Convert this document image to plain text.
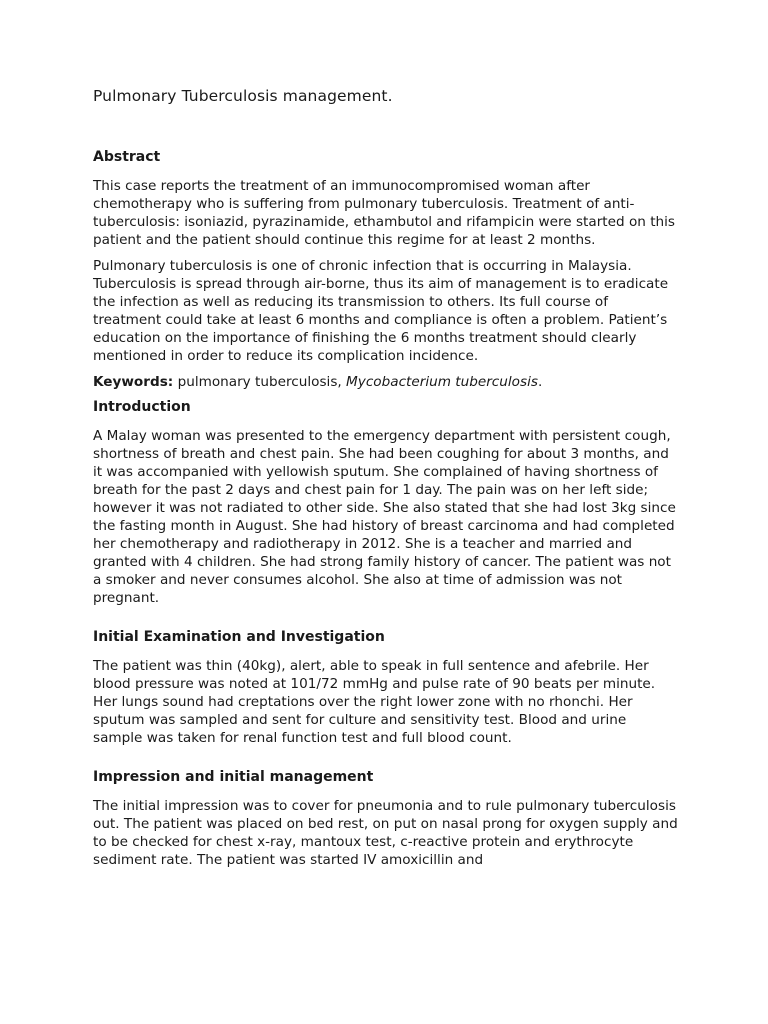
Pulmonary Tuberculosis management.
Abstract

This case reports the treatment of an immunocompromised woman after chemotherapy who is suffering from pulmonary tuberculosis. Treatment of anti-tuberculosis: isoniazid, pyrazinamide, ethambutol and rifampicin were started on this patient and the patient should continue this regime for at least 2 months.

Pulmonary tuberculosis is one of chronic infection that is occurring in Malaysia. Tuberculosis is spread through air-borne, thus its aim of management is to eradicate the infection as well as reducing its transmission to others. Its full course of treatment could take at least 6 months and compliance is often a problem. Patient’s education on the importance of finishing the 6 months treatment should clearly mentioned in order to reduce its complication incidence.

Keywords: pulmonary tuberculosis, Mycobacterium tuberculosis.

Introduction

A Malay woman was presented to the emergency department with persistent cough, shortness of breath and chest pain. She had been coughing for about 3 months, and it was accompanied with yellowish sputum. She complained of having shortness of breath for the past 2 days and chest pain for 1 day. The pain was on her left side; however it was not radiated to other side. She also stated that she had lost 3kg since the fasting month in August. She had history of breast carcinoma and had completed her chemotherapy and radiotherapy in 2012. She is a teacher and married and granted with 4 children. She had strong family history of cancer. The patient was not a smoker and never consumes alcohol. She also at time of admission was not pregnant.

Initial Examination and Investigation

The patient was thin (40kg), alert, able to speak in full sentence and afebrile. Her blood pressure was noted at 101/72 mmHg and pulse rate of 90 beats per minute. Her lungs sound had creptations over the right lower zone with no rhonchi. Her sputum was sampled and sent for culture and sensitivity test. Blood and urine sample was taken for renal function test and full blood count.

Impression and initial management

The initial impression was to cover for pneumonia and to rule pulmonary tuberculosis out. The patient was placed on bed rest, on put on nasal prong for oxygen supply and to be checked for chest x-ray, mantoux test, c-reactive protein and erythrocyte sediment rate. The patient was started IV amoxicillin and
